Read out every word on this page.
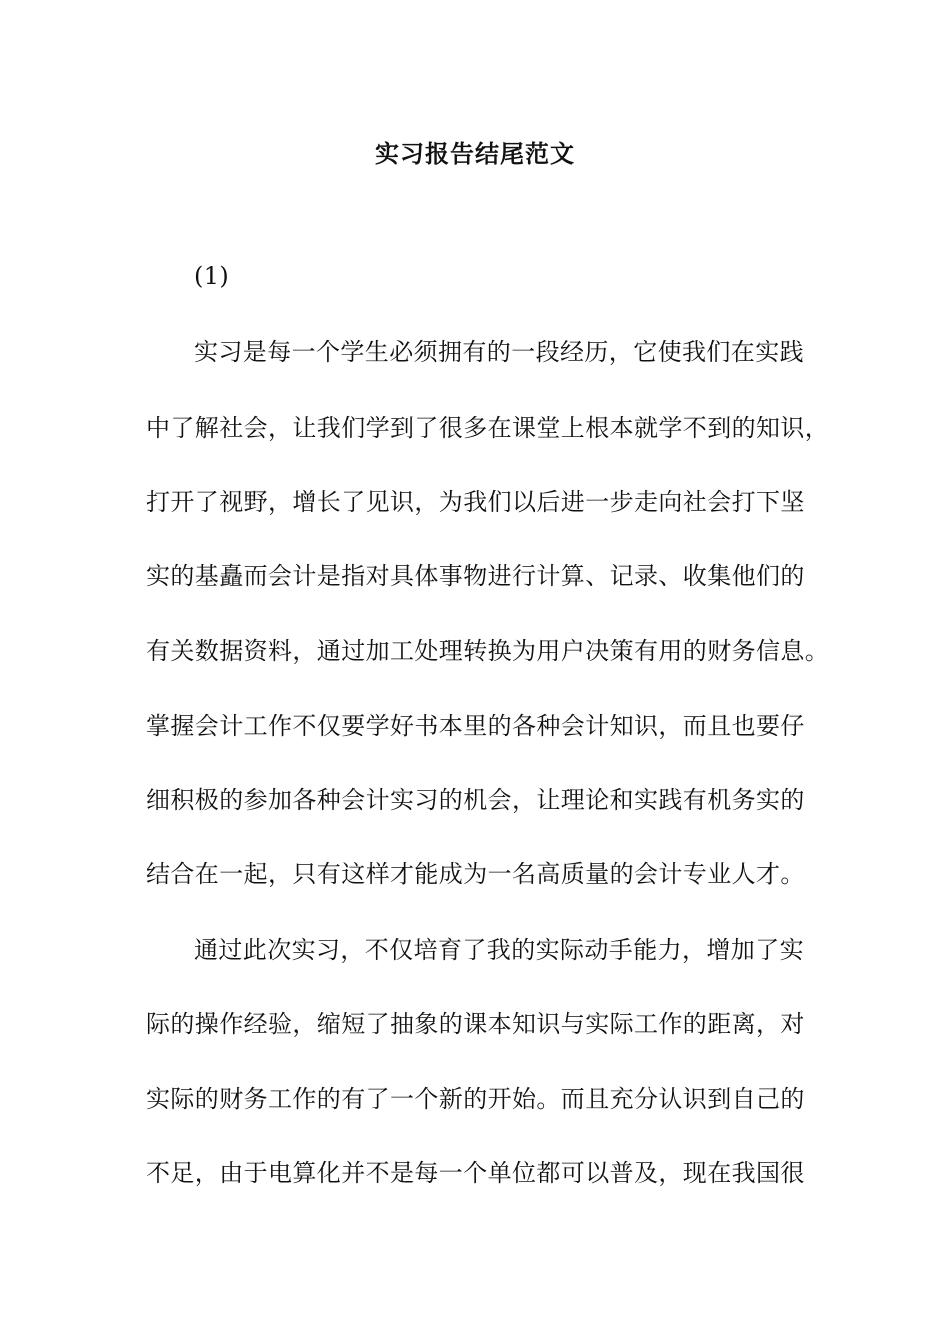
实习报告结尾范文
(1)
实习是每一个学生必须拥有的一段经历，它使我们在实践
中了解社会，让我们学到了很多在课堂上根本就学不到的知识，
打开了视野，增长了见识，为我们以后进一步走向社会打下坚
实的基矗而会计是指对具体事物进行计算、记录、收集他们的
有关数据资料，通过加工处理转换为用户决策有用的财务信息。
掌握会计工作不仅要学好书本里的各种会计知识，而且也要仔
细积极的参加各种会计实习的机会，让理论和实践有机务实的
结合在一起，只有这样才能成为一名高质量的会计专业人才。
通过此次实习，不仅培育了我的实际动手能力，增加了实
际的操作经验，缩短了抽象的课本知识与实际工作的距离，对
实际的财务工作的有了一个新的开始。而且充分认识到自己的
不足，由于电算化并不是每一个单位都可以普及，现在我国很
